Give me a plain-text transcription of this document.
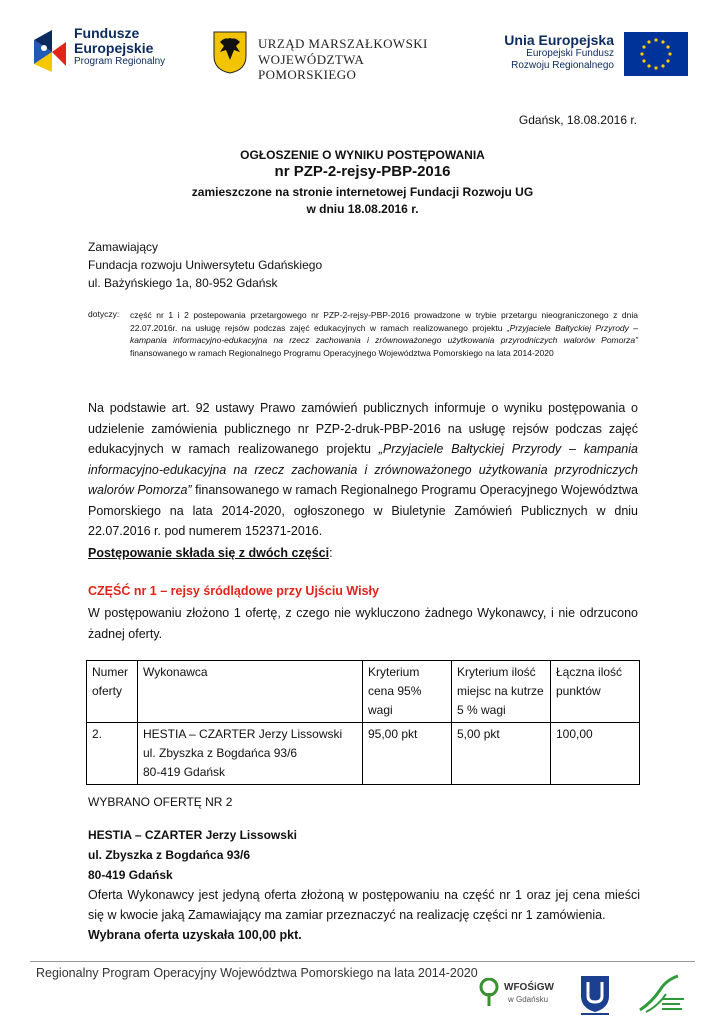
Fundusze
Europejskie
Program Regionalny
URZĄD MARSZAŁKOWSKI
WOJEWÓDZTWA POMORSKIEGO
Unia Europejska
Europejski Fundusz
Rozwoju Regionalnego
Gdańsk, 18.08.2016 r.
OGŁOSZENIE O WYNIKU POSTĘPOWANIA
nr PZP-2-rejsy-PBP-2016
zamieszczone na stronie internetowej Fundacji Rozwoju UG
w dniu 18.08.2016 r.
Zamawiający
Fundacja rozwoju Uniwersytetu Gdańskiego
ul. Bażyńskiego 1a, 80-952 Gdańsk
dotyczy: część nr 1 i 2 postepowania przetargowego nr PZP-2-rejsy-PBP-2016 prowadzone w trybie przetargu nieograniczonego z dnia 22.07.2016r. na usługę rejsów podczas zajęć edukacyjnych w ramach realizowanego projektu „Przyjaciele Bałtyckiej Przyrody – kampania informacyjno-edukacyjna na rzecz zachowania i zrównoważonego użytkowania przyrodniczych walorów Pomorza” finansowanego w ramach Regionalnego Programu Operacyjnego Województwa Pomorskiego na lata 2014-2020
Na podstawie art. 92 ustawy Prawo zamówień publicznych informuje o wyniku postępowania o udzielenie zamówienia publicznego nr PZP-2-druk-PBP-2016 na usługę rejsów podczas zajęć edukacyjnych w ramach realizowanego projektu „Przyjaciele Bałtyckiej Przyrody – kampania informacyjno-edukacyjna na rzecz zachowania i zrównoważonego użytkowania przyrodniczych walorów Pomorza” finansowanego w ramach Regionalnego Programu Operacyjnego Województwa Pomorskiego na lata 2014-2020, ogłoszonego w Biuletynie Zamówień Publicznych w dniu 22.07.2016 r. pod numerem 152371-2016.
Postępowanie składa się z dwóch części:
CZĘŚĆ nr 1 – rejsy śródlądowe przy Ujściu Wisły
W postępowaniu złożono 1 ofertę, z czego nie wykluczono żadnego Wykonawcy, i nie odrzucono żadnej oferty.
Numer oferty	Wykonawca	Kryterium cena 95% wagi	Kryterium ilość miejsc na kutrze 5 % wagi	Łączna ilość punktów
2.	HESTIA – CZARTER Jerzy Lissowski
ul. Zbyszka z Bogdańca 93/6
80-419 Gdańsk	95,00 pkt	5,00 pkt	100,00
WYBRANO OFERTĘ NR 2
HESTIA – CZARTER Jerzy Lissowski
ul. Zbyszka z Bogdańca 93/6
80-419 Gdańsk
Oferta Wykonawcy jest jedyną oferta złożoną w postępowaniu na część nr 1 oraz jej cena mieści się w kwocie jaką Zamawiający ma zamiar przeznaczyć na realizację części nr 1 zamówienia.
Wybrana oferta uzyskała 100,00 pkt.
Regionalny Program Operacyjny Województwa Pomorskiego na lata 2014-2020
WFOŚiGW
w Gdańsku
